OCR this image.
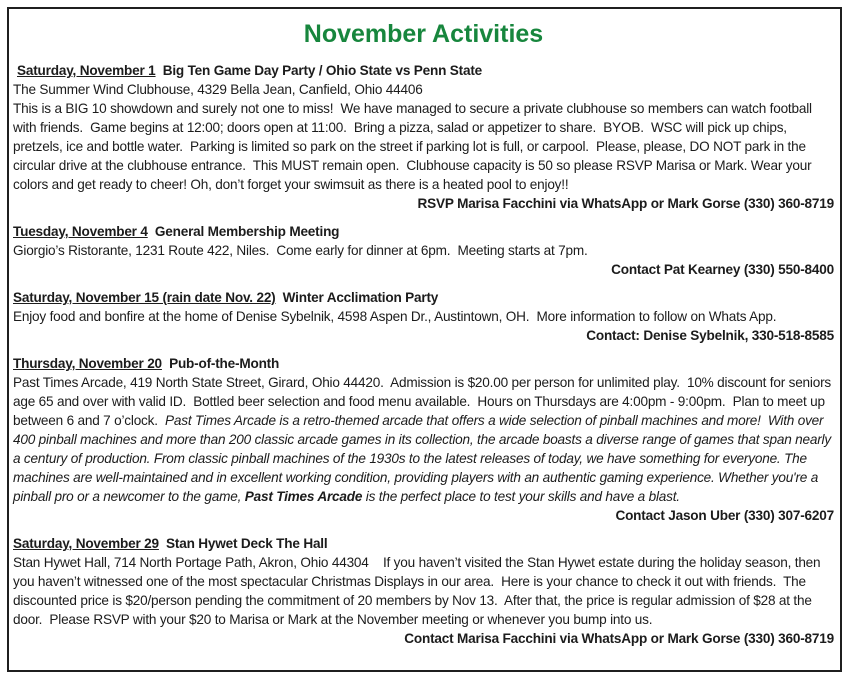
November Activities
Saturday, November 1  Big Ten Game Day Party / Ohio State vs Penn State

The Summer Wind Clubhouse, 4329 Bella Jean, Canfield, Ohio 44406

This is a BIG 10 showdown and surely not one to miss!  We have managed to secure a private clubhouse so members can watch football with friends.  Game begins at 12:00; doors open at 11:00.  Bring a pizza, salad or appetizer to share.  BYOB.  WSC will pick up chips, pretzels, ice and bottle water.  Parking is limited so park on the street if parking lot is full, or carpool.  Please, please, DO NOT park in the circular drive at the clubhouse entrance.  This MUST remain open.  Clubhouse capacity is 50 so please RSVP Marisa or Mark. Wear your colors and get ready to cheer! Oh, don’t forget your swimsuit as there is a heated pool to enjoy!!

RSVP Marisa Facchini via WhatsApp or Mark Gorse (330) 360-8719
Tuesday, November 4  General Membership Meeting

Giorgio’s Ristorante, 1231 Route 422, Niles.  Come early for dinner at 6pm.  Meeting starts at 7pm.

Contact Pat Kearney (330) 550-8400
Saturday, November 15 (rain date Nov. 22)  Winter Acclimation Party

Enjoy food and bonfire at the home of Denise Sybelnik, 4598 Aspen Dr., Austintown, OH.  More information to follow on Whats App.
Contact: Denise Sybelnik, 330-518-8585

Thursday, November 20  Pub-of-the-Month

Past Times Arcade, 419 North State Street, Girard, Ohio 44420.  Admission is $20.00 per person for unlimited play.  10% discount for seniors age 65 and over with valid ID.  Bottled beer selection and food menu available.  Hours on Thursdays are 4:00pm - 9:00pm.  Plan to meet up between 6 and 7 o’clock.  Past Times Arcade is a retro-themed arcade that offers a wide selection of pinball machines and more!  With over 400 pinball machines and more than 200 classic arcade games in its collection, the arcade boasts a diverse range of games that span nearly a century of production. From classic pinball machines of the 1930s to the latest releases of today, we have something for everyone. The machines are well-maintained and in excellent working condition, providing players with an authentic gaming experience. Whether you're a pinball pro or a newcomer to the game, Past Times Arcade is the perfect place to test your skills and have a blast.
Contact Jason Uber (330) 307-6207

Saturday, November 29  Stan Hywet Deck The Hall

Stan Hywet Hall, 714 North Portage Path, Akron, Ohio 44304    If you haven’t visited the Stan Hywet estate during the holiday season, then you haven’t witnessed one of the most spectacular Christmas Displays in our area.  Here is your chance to check it out with friends.  The discounted price is $20/person pending the commitment of 20 members by Nov 13.  After that, the price is regular admission of $28 at the door.  Please RSVP with your $20 to Marisa or Mark at the November meeting or whenever you bump into us.
Contact Marisa Facchini via WhatsApp or Mark Gorse (330) 360-8719
